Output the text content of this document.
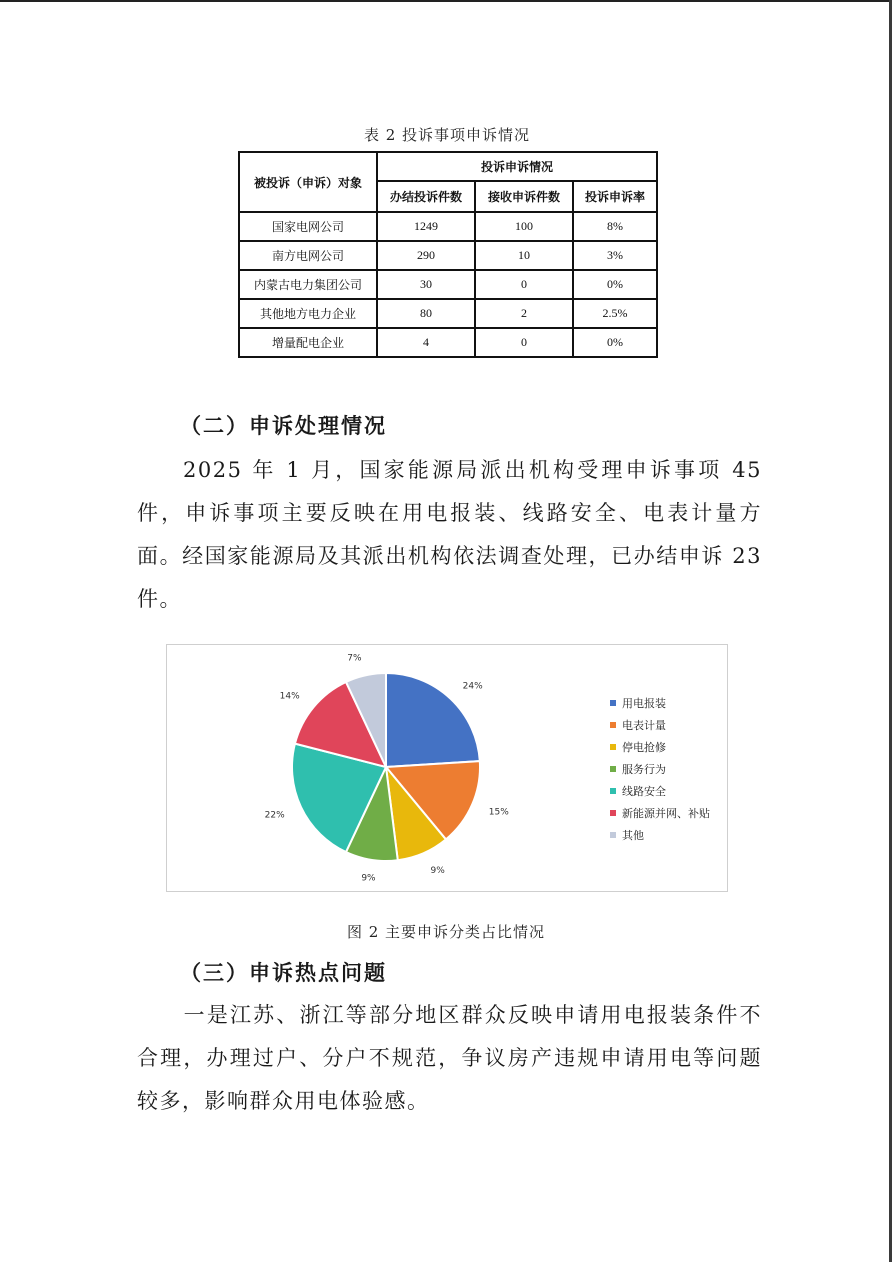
表 2 投诉事项申诉情况
被投诉（申诉）对象	投诉申诉情况		
	办结投诉件数	接收申诉件数	投诉申诉率
国家电网公司	1249	100	8%
南方电网公司	290	10	3%
内蒙古电力集团公司	30	0	0%
其他地方电力企业	80	2	2.5%
增量配电企业	4	0	0%
（二）申诉处理情况
2025 年 1 月，国家能源局派出机构受理申诉事项 45 件，申诉事项主要反映在用电报装、线路安全、电表计量方面。经国家能源局及其派出机构依法调查处理，已办结申诉 23 件。
24%
15%
9%
9%
22%
14%
7%
用电报装
电表计量
停电抢修
服务行为
线路安全
新能源并网、补贴
其他
图 2 主要申诉分类占比情况
（三）申诉热点问题
一是江苏、浙江等部分地区群众反映申请用电报装条件不合理，办理过户、分户不规范，争议房产违规申请用电等问题较多，影响群众用电体验感。
